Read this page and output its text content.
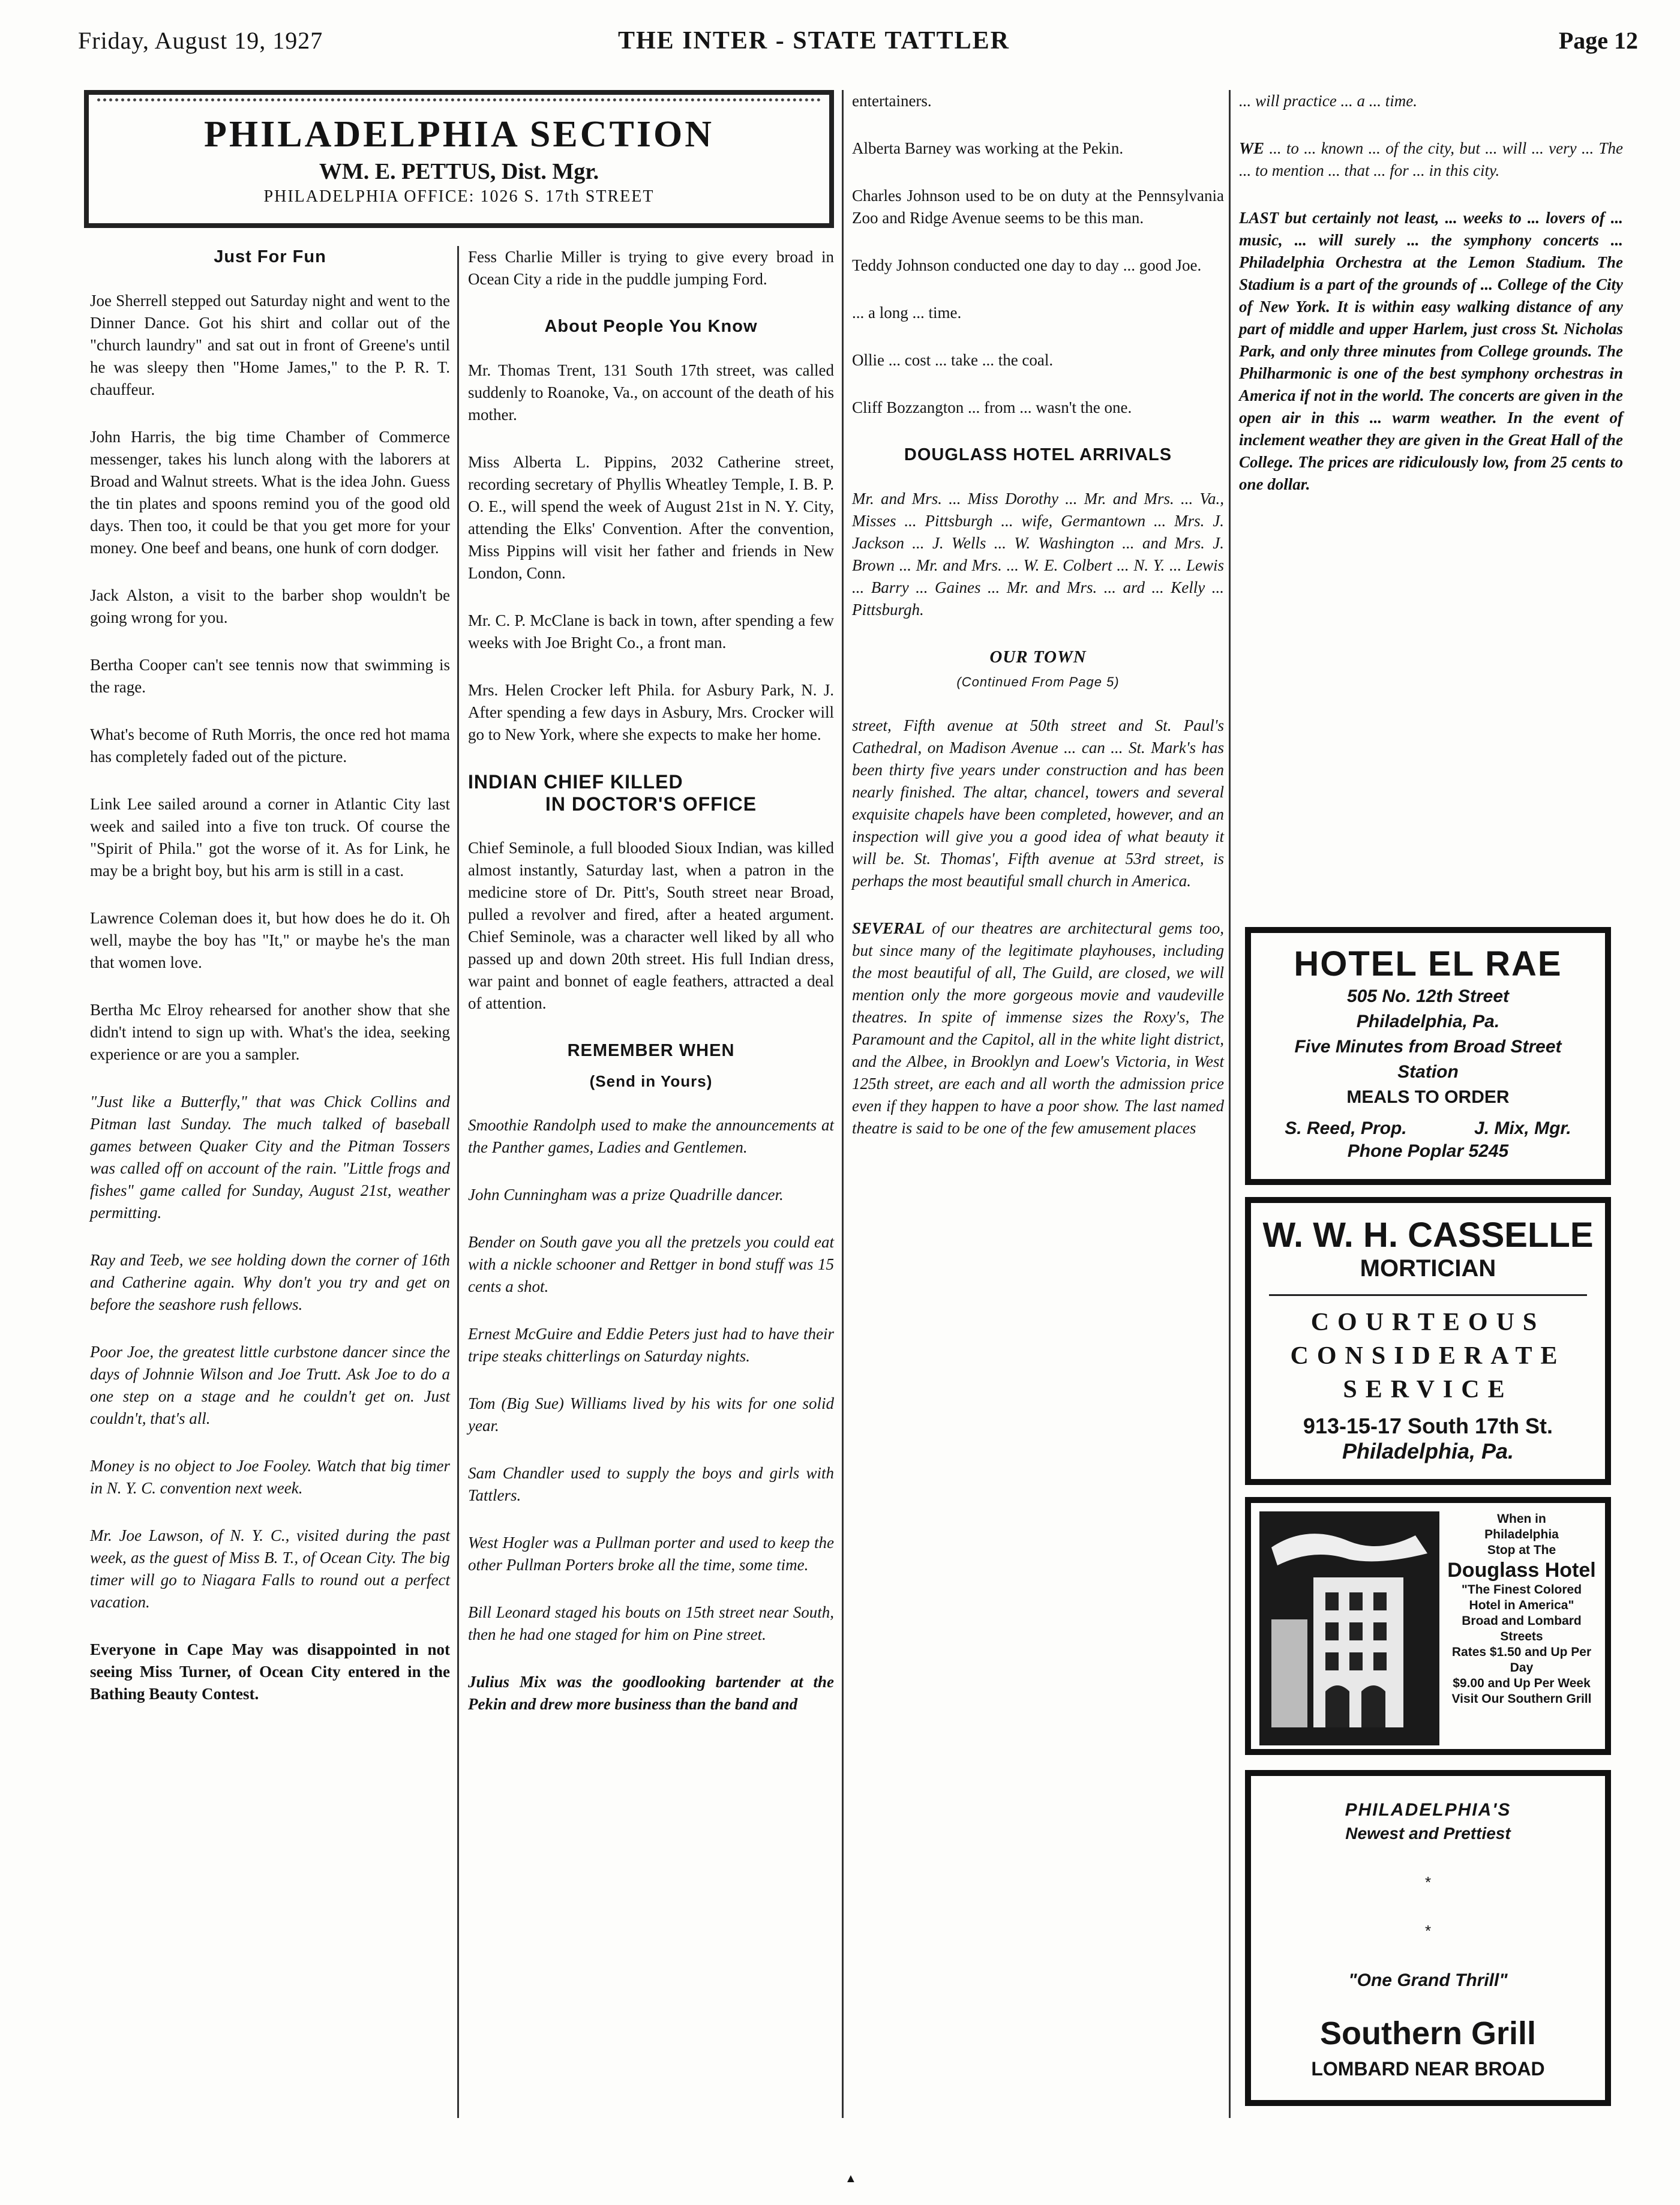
Friday, August 19, 1927	THE INTER - STATE TATTLER	Page 12
PHILADELPHIA SECTION
WM. E. PETTUS, Dist. Mgr.
PHILADELPHIA OFFICE: 1026 S. 17th STREET
Just For Fun

Joe Sherrell stepped out Saturday night and went to the Dinner Dance. Got his shirt and collar out of the "church laundry" and sat out in front of Greene's until he was sleepy then "Home James," to the P. R. T. chauffeur.

John Harris, the big time Chamber of Commerce messenger, takes his lunch along with the laborers at Broad and Walnut streets. What is the idea John. Guess the tin plates and spoons remind you of the good old days. Then too, it could be that you get more for your money. One beef and beans, one hunk of corn dodger.

Jack Alston, a visit to the barber shop wouldn't be going wrong for you.

Bertha Cooper can't see tennis now that swimming is the rage.

What's become of Ruth Morris, the once red hot mama has completely faded out of the picture.

Link Lee sailed around a corner in Atlantic City last week and sailed into a five ton truck. Of course the "Spirit of Phila." got the worse of it. As for Link, he may be a bright boy, but his arm is still in a cast.

Lawrence Coleman does it, but how does he do it. Oh well, maybe the boy has "It," or maybe he's the man that women love.

Bertha Mc Elroy rehearsed for another show that she didn't intend to sign up with. What's the idea, seeking experience or are you a sampler.

"Just like a Butterfly," that was Chick Collins and Pitman last Sunday. The much talked of baseball games between Quaker City and the Pitman Tossers was called off on account of the rain. "Little frogs and fishes" game called for Sunday, August 21st, weather permitting.

Ray and Teeb, we see holding down the corner of 16th and Catherine again. Why don't you try and get on before the seashore rush fellows.

Poor Joe, the greatest little curbstone dancer since the days of Johnnie Wilson and Joe Trutt. Ask Joe to do a one step on a stage and he couldn't get on. Just couldn't, that's all.

Money is no object to Joe Fooley. Watch that big timer in N. Y. C. convention next week.

Mr. Joe Lawson, of N. Y. C., visited during the past week, as the guest of Miss B. T., of Ocean City. The big timer will go to Niagara Falls to round out a perfect vacation.

Everyone in Cape May was disappointed in not seeing Miss Turner, of Ocean City entered in the Bathing Beauty Contest.

Fess Charlie Miller is trying to give every broad in Ocean City a ride in the puddle jumping Ford.

About People You Know

Mr. Thomas Trent, 131 South 17th street, was called suddenly to Roanoke, Va., on account of the death of his mother.

Miss Alberta L. Pippins, 2032 Catherine street, recording secretary of Phyllis Wheatley Temple, I. B. P. O. E., will spend the week of August 21st in N. Y. City, attending the Elks' Convention. After the convention, Miss Pippins will visit her father and friends in New London, Conn.

Mr. C. P. McClane is back in town, after spending a few weeks with Joe Bright Co., a front man.

Mrs. Helen Crocker left Phila. for Asbury Park, N. J. After spending a few days in Asbury, Mrs. Crocker will go to New York, where she expects to make her home.

INDIAN CHIEF KILLED
IN DOCTOR'S OFFICE

Chief Seminole, a full blooded Sioux Indian, was killed almost instantly, Saturday last, when a patron in the medicine store of Dr. Pitt's, South street near Broad, pulled a revolver and fired, after a heated argument. Chief Seminole, was a character well liked by all who passed up and down 20th street. His full Indian dress, war paint and bonnet of eagle feathers, attracted a deal of attention.

REMEMBER WHEN
(Send in Yours)

Smoothie Randolph used to make the announcements at the Panther games, Ladies and Gentlemen.

John Cunningham was a prize Quadrille dancer.

Bender on South gave you all the pretzels you could eat with a nickle schooner and Rettger in bond stuff was 15 cents a shot.

Ernest McGuire and Eddie Peters just had to have their tripe steaks chitterlings on Saturday nights.

Tom (Big Sue) Williams lived by his wits for one solid year.

Sam Chandler used to supply the boys and girls with Tattlers.

West Hogler was a Pullman porter and used to keep the other Pullman Porters broke all the time, some time.

Bill Leonard staged his bouts on 15th street near South, then he had one staged for him on Pine street.

Julius Mix was the goodlooking bartender at the Pekin and drew more business than the band and

entertainers.

Alberta Barney was working at the Pekin.

Charles Johnson used to be on duty at the Pennsylvania Zoo and Ridge Avenue seems to be this man.

Teddy Johnson conducted one day to day ... good Joe.

... a long ... time.

Ollie ... cost ... take ... the coal.

Cliff Bozzangton ... from ... wasn't the one.

DOUGLASS HOTEL ARRIVALS

Mr. and Mrs. ... Miss Dorothy ... Mr. and Mrs. ... Va., Misses ... Pittsburgh ... wife, Germantown ... Mrs. J. Jackson ... J. Wells ... W. Washington ... and Mrs. J. Brown ... Mr. and Mrs. ... W. E. Colbert ... N. Y. ... Lewis ... Barry ... Gaines ... Mr. and Mrs. ... ard ... Kelly ... Pittsburgh.

OUR TOWN
(Continued From Page 5)

street, Fifth avenue at 50th street and St. Paul's Cathedral, on Madison Avenue ... can ... St. Mark's has been thirty five years under construction and has been nearly finished. The altar, chancel, towers and several exquisite chapels have been completed, however, and an inspection will give you a good idea of what beauty it will be. St. Thomas', Fifth avenue at 53rd street, is perhaps the most beautiful small church in America.

SEVERAL of our theatres are architectural gems too, but since many of the legitimate playhouses, including the most beautiful of all, The Guild, are closed, we will mention only the more gorgeous movie and vaudeville theatres. In spite of immense sizes the Roxy's, The Paramount and the Capitol, all in the white light district, and the Albee, in Brooklyn and Loew's Victoria, in West 125th street, are each and all worth the admission price even if they happen to have a poor show. The last named theatre is said to be one of the few amusement places

... will practice ... a ... time.

WE ... to ... known ... of the city, but ... will ... very ... The ... to mention ... that ... for ... in this city.

LAST but certainly not least, ... weeks to ... lovers of ... music, ... will surely ... the symphony concerts ... Philadelphia Orchestra at the Lemon Stadium. The Stadium is a part of the grounds of ... College of the City of New York. It is within easy walking distance of any part of middle and upper Harlem, just cross St. Nicholas Park, and only three minutes from College grounds. The Philharmonic is one of the best symphony orchestras in America if not in the world. The concerts are given in the open air in this ... warm weather. In the event of inclement weather they are given in the Great Hall of the College. The prices are ridiculously low, from 25 cents to one dollar.

HOTEL EL RAE
505 No. 12th Street
Philadelphia, Pa.
Five Minutes from Broad Street
Station
MEALS TO ORDER
S. Reed, Prop.	J. Mix, Mgr.
Phone Poplar 5245
W. W. H. CASSELLE
MORTICIAN
COURTEOUS
CONSIDERATE
SERVICE
913-15-17 South 17th St.
Philadelphia, Pa.
When in
Philadelphia
Stop at The
Douglass Hotel
"The Finest Colored Hotel in America"
Broad and Lombard Streets
Rates $1.50 and Up Per Day
$9.00 and Up Per Week
Visit Our Southern Grill
PHILADELPHIA'S
Newest and Prettiest
*
*
"One Grand Thrill"
Southern Grill
LOMBARD NEAR BROAD
▲
